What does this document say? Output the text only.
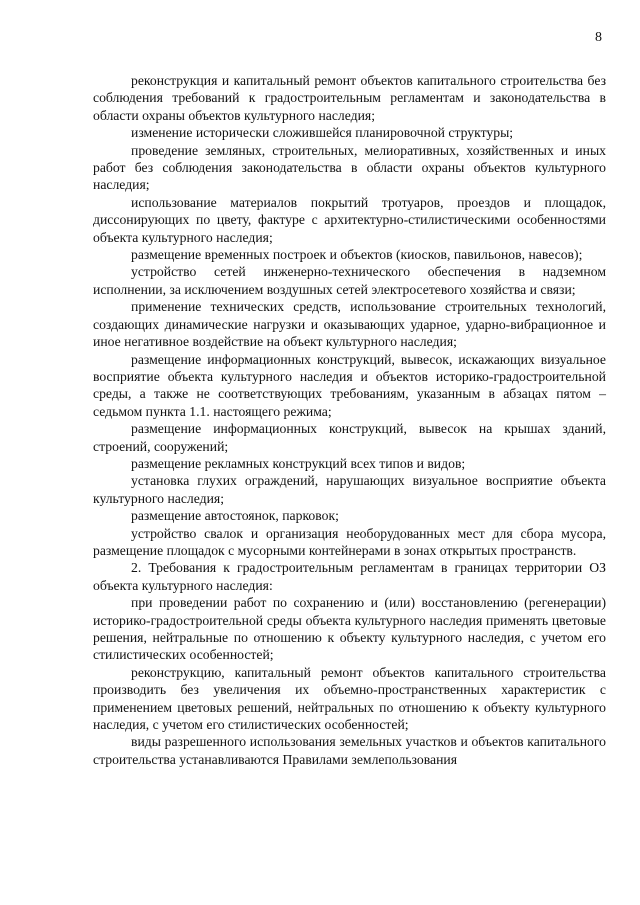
8

реконструкция и капитальный ремонт объектов капитального строительства без соблюдения требований к градостроительным регламентам и законодательства в области охраны объектов культурного наследия;

изменение исторически сложившейся планировочной структуры;

проведение земляных, строительных, мелиоративных, хозяйственных и иных работ без соблюдения законодательства в области охраны объектов культурного наследия;

использование материалов покрытий тротуаров, проездов и площадок, диссонирующих по цвету, фактуре с архитектурно-стилистическими особенностями объекта культурного наследия;

размещение временных построек и объектов (киосков, павильонов, навесов);

устройство сетей инженерно-технического обеспечения в надземном исполнении, за исключением воздушных сетей электросетевого хозяйства и связи;

применение технических средств, использование строительных технологий, создающих динамические нагрузки и оказывающих ударное, ударно-вибрационное и иное негативное воздействие на объект культурного наследия;

размещение информационных конструкций, вывесок, искажающих визуальное восприятие объекта культурного наследия и объектов историко-градостроительной среды, а также не соответствующих требованиям, указанным в абзацах пятом – седьмом пункта 1.1. настоящего режима;

размещение информационных конструкций, вывесок на крышах зданий, строений, сооружений;

размещение рекламных конструкций всех типов и видов;

установка глухих ограждений, нарушающих визуальное восприятие объекта культурного наследия;

размещение автостоянок, парковок;

устройство свалок и организация необорудованных мест для сбора мусора, размещение площадок с мусорными контейнерами в зонах открытых пространств.

2. Требования к градостроительным регламентам в границах территории ОЗ объекта культурного наследия:

при проведении работ по сохранению и (или) восстановлению (регенерации) историко-градостроительной среды объекта культурного наследия применять цветовые решения, нейтральные по отношению к объекту культурного наследия, с учетом его стилистических особенностей;

реконструкцию, капитальный ремонт объектов капитального строительства производить без увеличения их объемно-пространственных характеристик с применением цветовых решений, нейтральных по отношению к объекту культурного наследия, с учетом его стилистических особенностей;

виды разрешенного использования земельных участков и объектов капитального строительства устанавливаются Правилами землепользования
